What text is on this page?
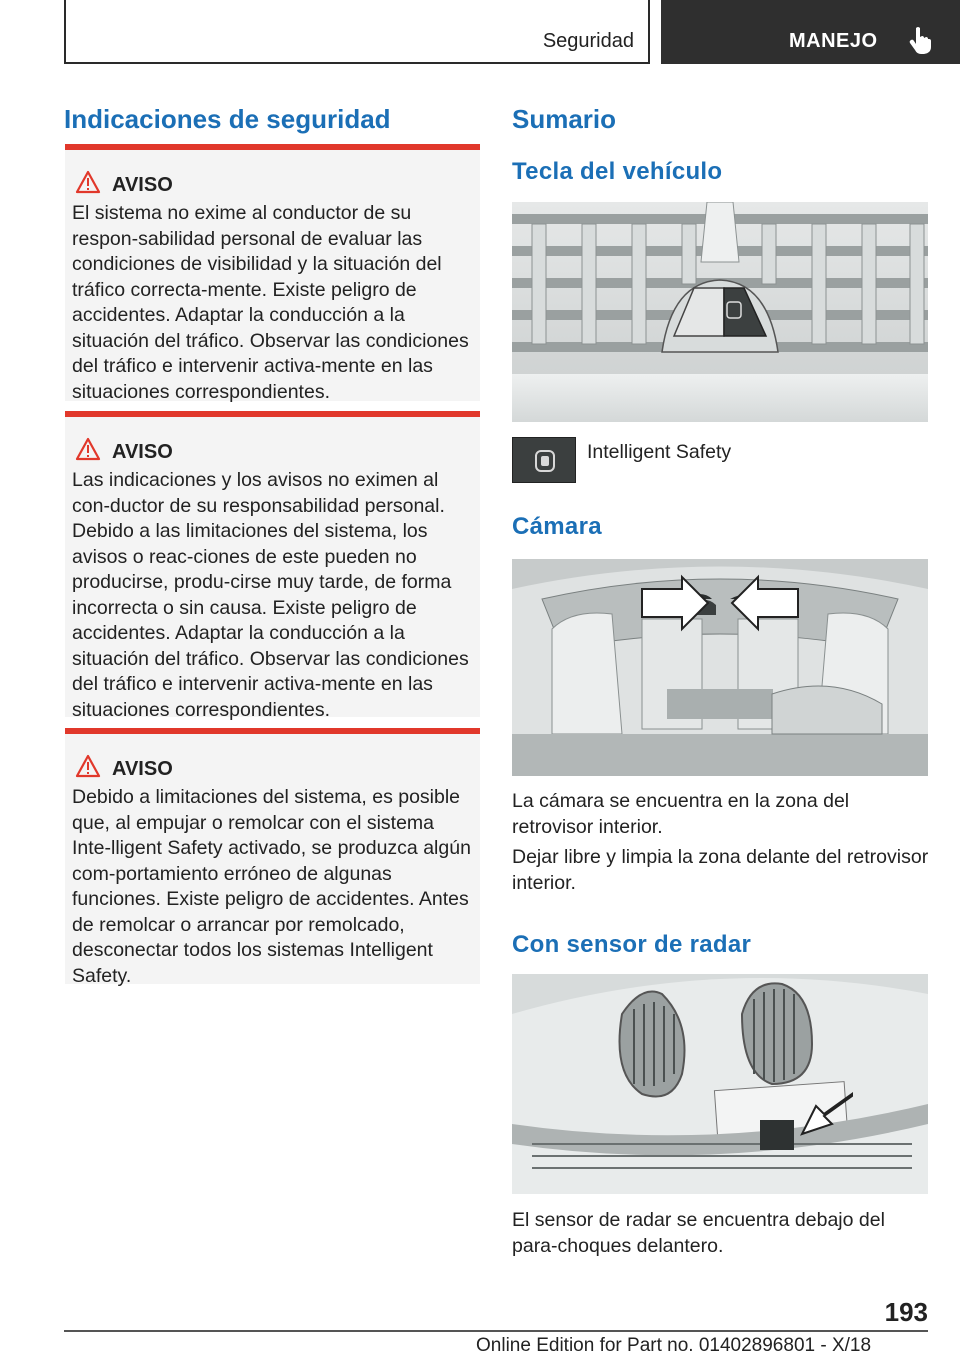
Seguridad	MANEJO
Indicaciones de seguridad
AVISO

El sistema no exime al conductor de su respon-sabilidad personal de evaluar las condiciones de visibilidad y la situación del tráfico correcta-mente. Existe peligro de accidentes. Adaptar la conducción a la situación del tráfico. Observar las condiciones del tráfico e intervenir activa-mente en las situaciones correspondientes.

AVISO

Las indicaciones y los avisos no eximen al con-ductor de su responsabilidad personal. Debido a las limitaciones del sistema, los avisos o reac-ciones de este pueden no producirse, produ-cirse muy tarde, de forma incorrecta o sin causa. Existe peligro de accidentes. Adaptar la conducción a la situación del tráfico. Observar las condiciones del tráfico e intervenir activa-mente en las situaciones correspondientes.

AVISO

Debido a limitaciones del sistema, es posible que, al empujar o remolcar con el sistema Inte-lligent Safety activado, se produzca algún com-portamiento erróneo de algunas funciones. Existe peligro de accidentes. Antes de remolcar o arrancar por remolcado, desconectar todos los sistemas Intelligent Safety.

Sumario
Tecla del vehículo
Intelligent Safety
Cámara
La cámara se encuentra en la zona del retrovisor interior.
Dejar libre y limpia la zona delante del retrovisor interior.
Con sensor de radar
El sensor de radar se encuentra debajo del para-choques delantero.
193
Online Edition for Part no. 01402896801 - X/18
